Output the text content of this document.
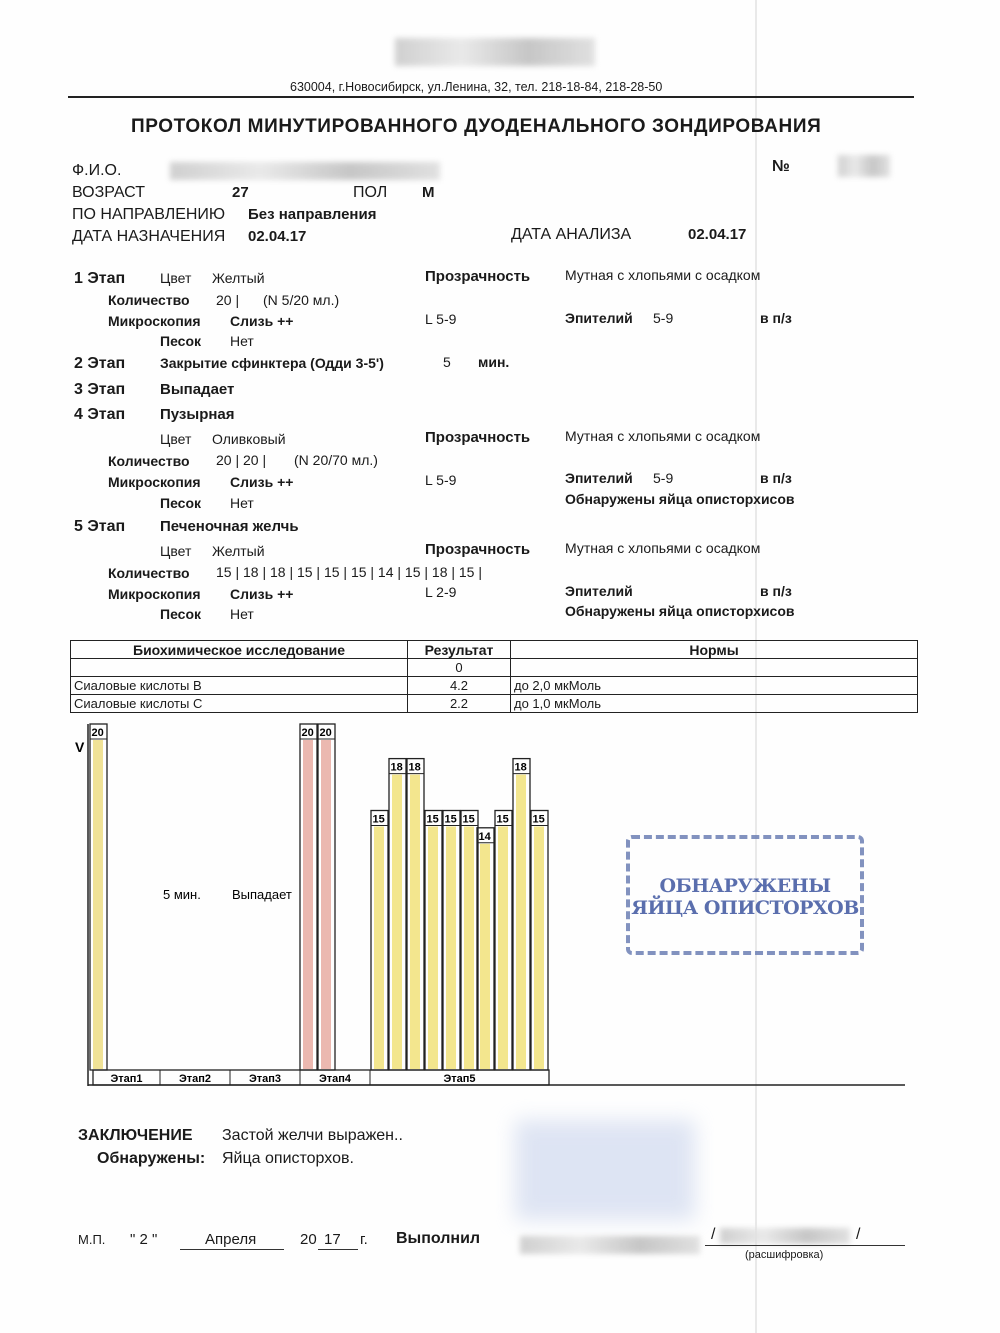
630004, г.Новосибирск, ул.Ленина, 32, тел. 218-18-84, 218-28-50
ПРОТОКОЛ МИНУТИРОВАННОГО ДУОДЕНАЛЬНОГО ЗОНДИРОВАНИЯ
Ф.И.О.	№
ВОЗРАСТ	27	ПОЛ М
ПО НАПРАВЛЕНИЮ Без направления
ДАТА НАЗНАЧЕНИЯ 02.04.17	ДАТА АНАЛИЗА	02.04.17
1 Этап Цвет Желтый	Прозрачность Мутная с хлопьями с осадком
Количество 20 | (N 5/20 мл.)
Микроскопия Слизь ++	L 5-9	Эпителий 5-9	в п/з
Песок Нет
2 Этап Закрытие сфинктера (Одди 3-5')	5 мин.
3 Этап Выпадает
4 Этап Пузырная
Цвет Оливковый	Прозрачность Мутная с хлопьями с осадком
Количество 20 | 20 | (N 20/70 мл.)
Микроскопия Слизь ++	L 5-9	Эпителий 5-9	в п/з
Песок Нет	Обнаружены яйца описторхисов
5 Этап Печеночная желчь
Цвет Желтый	Прозрачность Мутная с хлопьями с осадком
Количество 15 | 18 | 18 | 15 | 15 | 15 | 14 | 15 | 18 | 15 |
Микроскопия Слизь ++	L 2-9	Эпителий	в п/з
Песок Нет	Обнаружены яйца описторхисов
Биохимическое исследование	Результат	Нормы
	0	
Сиаловые кислоты В	4.2	до 2,0 мкМоль
Сиаловые кислоты С	2.2	до 1,0 мкМоль
V
20	20 20
15
18 18
15 15 15
14
15
18
15
Этап1	Этап2	Этап3	Этап4	Этап5
5 мин. Выпадает	ОБНАРУЖЕНЫ
ЯЙЦА ОПИСТОРХОВ
ЗАКЛЮЧЕНИЕ Застой желчи выражен..
Обнаружены: Яйца описторхов.
М.П. " 2 "	Апреля	20 17 г. Выполнил	/	/
(расшифровка)
